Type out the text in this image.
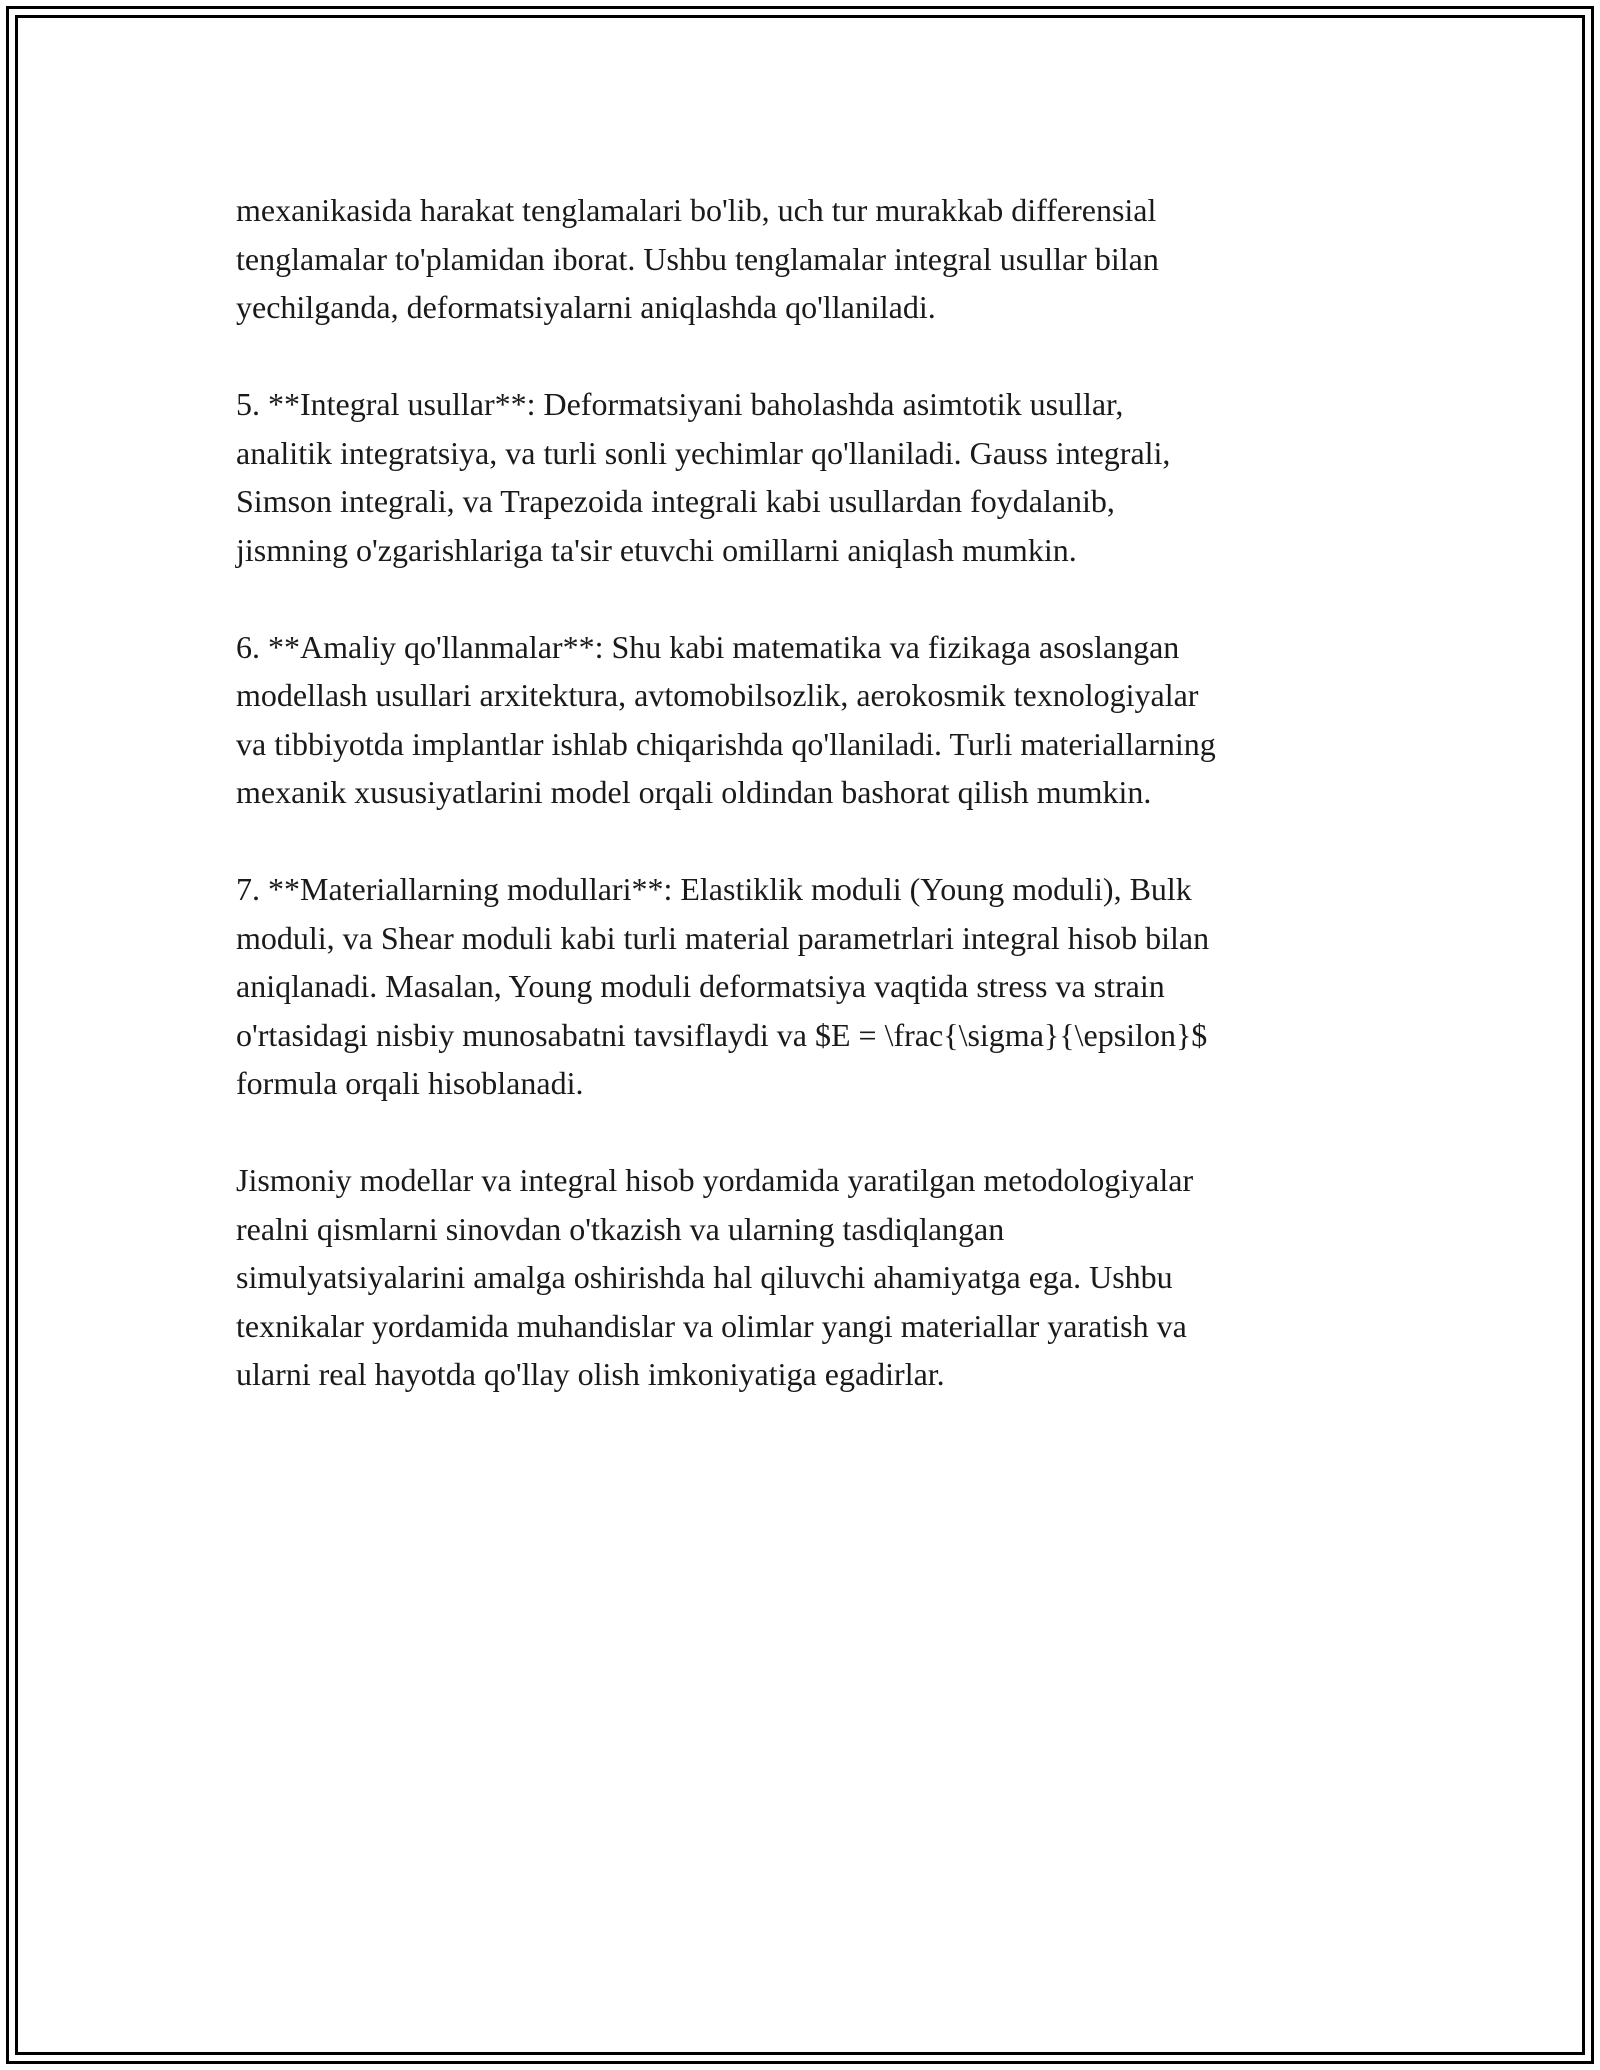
mexanikasida harakat tenglamalari bo'lib, uch tur murakkab differensial
tenglamalar to'plamidan iborat. Ushbu tenglamalar integral usullar bilan
yechilganda, deformatsiyalarni aniqlashda qo'llaniladi.
5. **Integral usullar**: Deformatsiyani baholashda asimtotik usullar,
analitik integratsiya, va turli sonli yechimlar qo'llaniladi. Gauss integrali,
Simson integrali, va Trapezoida integrali kabi usullardan foydalanib,
jismning o'zgarishlariga ta'sir etuvchi omillarni aniqlash mumkin.
6. **Amaliy qo'llanmalar**: Shu kabi matematika va fizikaga asoslangan
modellash usullari arxitektura, avtomobilsozlik, aerokosmik texnologiyalar
va tibbiyotda implantlar ishlab chiqarishda qo'llaniladi. Turli materiallarning
mexanik xususiyatlarini model orqali oldindan bashorat qilish mumkin.
7. **Materiallarning modullari**: Elastiklik moduli (Young moduli), Bulk
moduli, va Shear moduli kabi turli material parametrlari integral hisob bilan
aniqlanadi. Masalan, Young moduli deformatsiya vaqtida stress va strain
o'rtasidagi nisbiy munosabatni tavsiflaydi va $E = \frac{\sigma}{\epsilon}$
formula orqali hisoblanadi.
Jismoniy modellar va integral hisob yordamida yaratilgan metodologiyalar
realni qismlarni sinovdan o'tkazish va ularning tasdiqlangan
simulyatsiyalarini amalga oshirishda hal qiluvchi ahamiyatga ega. Ushbu
texnikalar yordamida muhandislar va olimlar yangi materiallar yaratish va
ularni real hayotda qo'llay olish imkoniyatiga egadirlar.
